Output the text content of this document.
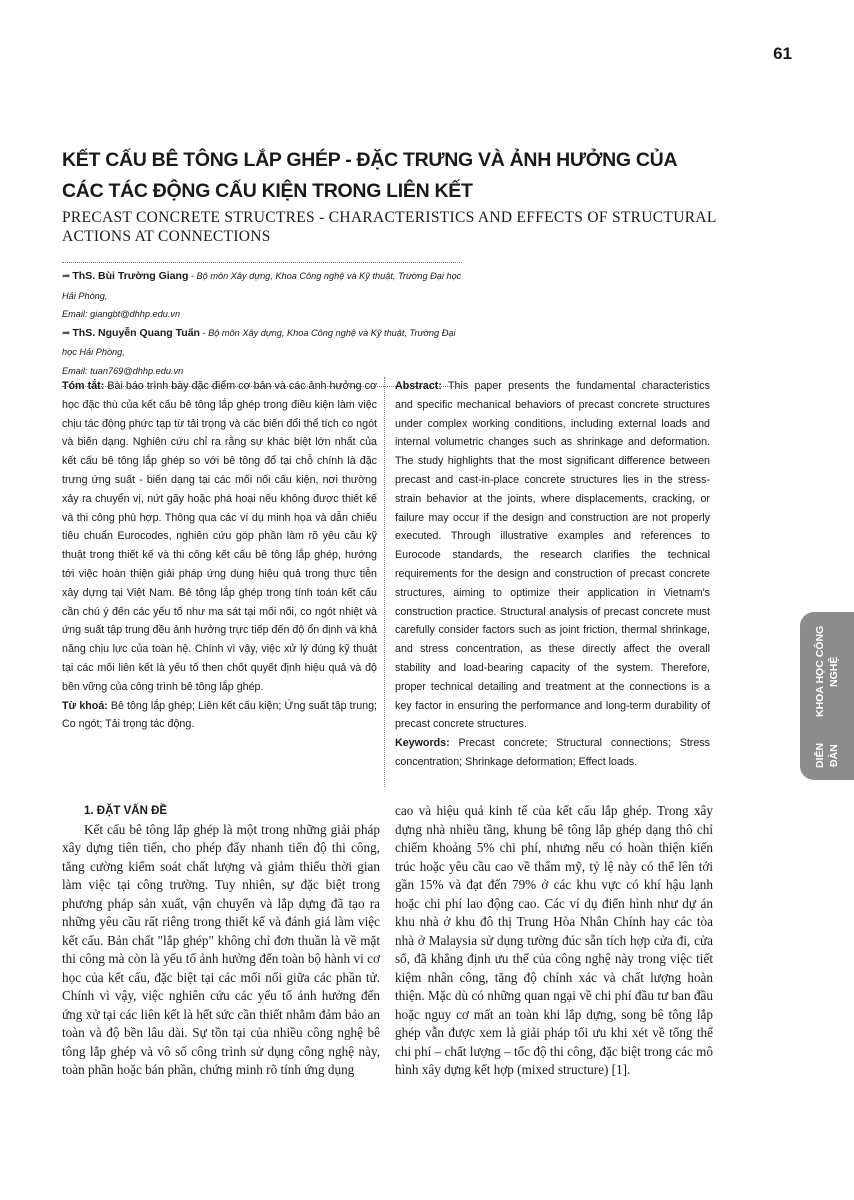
61
KẾT CẤU BÊ TÔNG LẮP GHÉP - ĐẶC TRƯNG VÀ ẢNH HƯỞNG CỦA CÁC TÁC ĐỘNG CẤU KIỆN TRONG LIÊN KẾT
PRECAST CONCRETE STRUCTRES - CHARACTERISTICS AND EFFECTS OF STRUCTURAL ACTIONS AT CONNECTIONS
➦ ThS. Bùi Trường Giang - Bộ môn Xây dựng, Khoa Công nghệ và Kỹ thuật, Trường Đại học Hải Phòng,
Email: giangbt@dhhp.edu.vn
➦ ThS. Nguyễn Quang Tuấn - Bộ môn Xây dựng, Khoa Công nghệ và Kỹ thuật, Trường Đại học Hải Phòng,
Email: tuan769@dhhp.edu.vn
Tóm tắt: Bài báo trình bày đặc điểm cơ bản và các ảnh hưởng cơ học đặc thù của kết cấu bê tông lắp ghép trong điều kiện làm việc chịu tác động phức tạp từ tải trọng và các biến đổi thể tích co ngót và biến dạng. Nghiên cứu chỉ ra rằng sự khác biệt lớn nhất của kết cấu bê tông lắp ghép so với bê tông đổ tại chỗ chính là đặc trưng ứng suất - biến dạng tại các mối nối cấu kiện, nơi thường xảy ra chuyển vị, nứt gãy hoặc phá hoại nếu không được thiết kế và thi công phù hợp. Thông qua các ví dụ minh họa và dẫn chiếu tiêu chuẩn Eurocodes, nghiên cứu góp phần làm rõ yêu cầu kỹ thuật trong thiết kế và thi công kết cấu bê tông lắp ghép, hướng tới việc hoàn thiện giải pháp ứng dụng hiệu quả trong thực tiễn xây dựng tại Việt Nam. Bê tông lắp ghép trong tính toán kết cấu cần chú ý đến các yếu tố như ma sát tại mối nối, co ngót nhiệt và ứng suất tập trung đều ảnh hưởng trực tiếp đến độ ổn định và khả năng chịu lực của toàn hệ. Chính vì vậy, việc xử lý đúng kỹ thuật tại các mối liên kết là yếu tố then chốt quyết định hiệu quả và độ bền vững của công trình bê tông lắp ghép.
Từ khoá: Bê tông lắp ghép; Liên kết cấu kiện; Ứng suất tập trung; Co ngót; Tải trọng tác động.
Abstract: This paper presents the fundamental characteristics and specific mechanical behaviors of precast concrete structures under complex working conditions, including external loads and internal volumetric changes such as shrinkage and deformation. The study highlights that the most significant difference between precast and cast-in-place concrete structures lies in the stress-strain behavior at the joints, where displacements, cracking, or failure may occur if the design and construction are not properly executed. Through illustrative examples and references to Eurocode standards, the research clarifies the technical requirements for the design and construction of precast concrete structures, aiming to optimize their application in Vietnam's construction practice. Structural analysis of precast concrete must carefully consider factors such as joint friction, thermal shrinkage, and stress concentration, as these directly affect the overall stability and load-bearing capacity of the system. Therefore, proper technical detailing and treatment at the connections is a key factor in ensuring the performance and long-term durability of precast concrete structures.
Keywords: Precast concrete; Structural connections; Stress concentration; Shrinkage deformation; Effect loads.
1. ĐẶT VẤN ĐỀ

Kết cấu bê tông lắp ghép là một trong những giải pháp xây dựng tiên tiến, cho phép đẩy nhanh tiến độ thi công, tăng cường kiểm soát chất lượng và giảm thiểu thời gian làm việc tại công trường. Tuy nhiên, sự đặc biệt trong phương pháp sản xuất, vận chuyển và lắp dựng đã tạo ra những yêu cầu rất riêng trong thiết kế và đánh giá làm việc kết cấu. Bản chất "lắp ghép" không chỉ đơn thuần là về mặt thi công mà còn là yếu tố ảnh hưởng đến toàn bộ hành vi cơ học của kết cấu, đặc biệt tại các mối nối giữa các phần tử. Chính vì vậy, việc nghiên cứu các yếu tố ảnh hưởng đến ứng xử tại các liên kết là hết sức cần thiết nhằm đảm bảo an toàn và độ bền lâu dài. Sự tồn tại của nhiều công nghệ bê tông lắp ghép và vô số công trình sử dụng công nghệ này, toàn phần hoặc bán phần, chứng minh rõ tính ứng dụng

cao và hiệu quả kinh tế của kết cấu lắp ghép. Trong xây dựng nhà nhiều tầng, khung bê tông lắp ghép dạng thô chỉ chiếm khoảng 5% chi phí, nhưng nếu có hoàn thiện kiến trúc hoặc yêu cầu cao về thẩm mỹ, tỷ lệ này có thể lên tới gần 15% và đạt đến 79% ở các khu vực có khí hậu lạnh hoặc chi phí lao động cao. Các ví dụ điển hình như dự án khu nhà ở khu đô thị Trung Hòa Nhân Chính hay các tòa nhà ở Malaysia sử dụng tường đúc sẵn tích hợp cửa đi, cửa sổ, đã khẳng định ưu thế của công nghệ này trong việc tiết kiệm nhân công, tăng độ chính xác và chất lượng hoàn thiện. Mặc dù có những quan ngại về chi phí đầu tư ban đầu hoặc nguy cơ mất an toàn khi lắp dựng, song bê tông lắp ghép vẫn được xem là giải pháp tối ưu khi xét về tổng thể chi phí – chất lượng – tốc độ thi công, đặc biệt trong các mô hình xây dựng kết hợp (mixed structure) [1].

DIỄN ĐÀN
KHOA HỌC CÔNG NGHỆ
